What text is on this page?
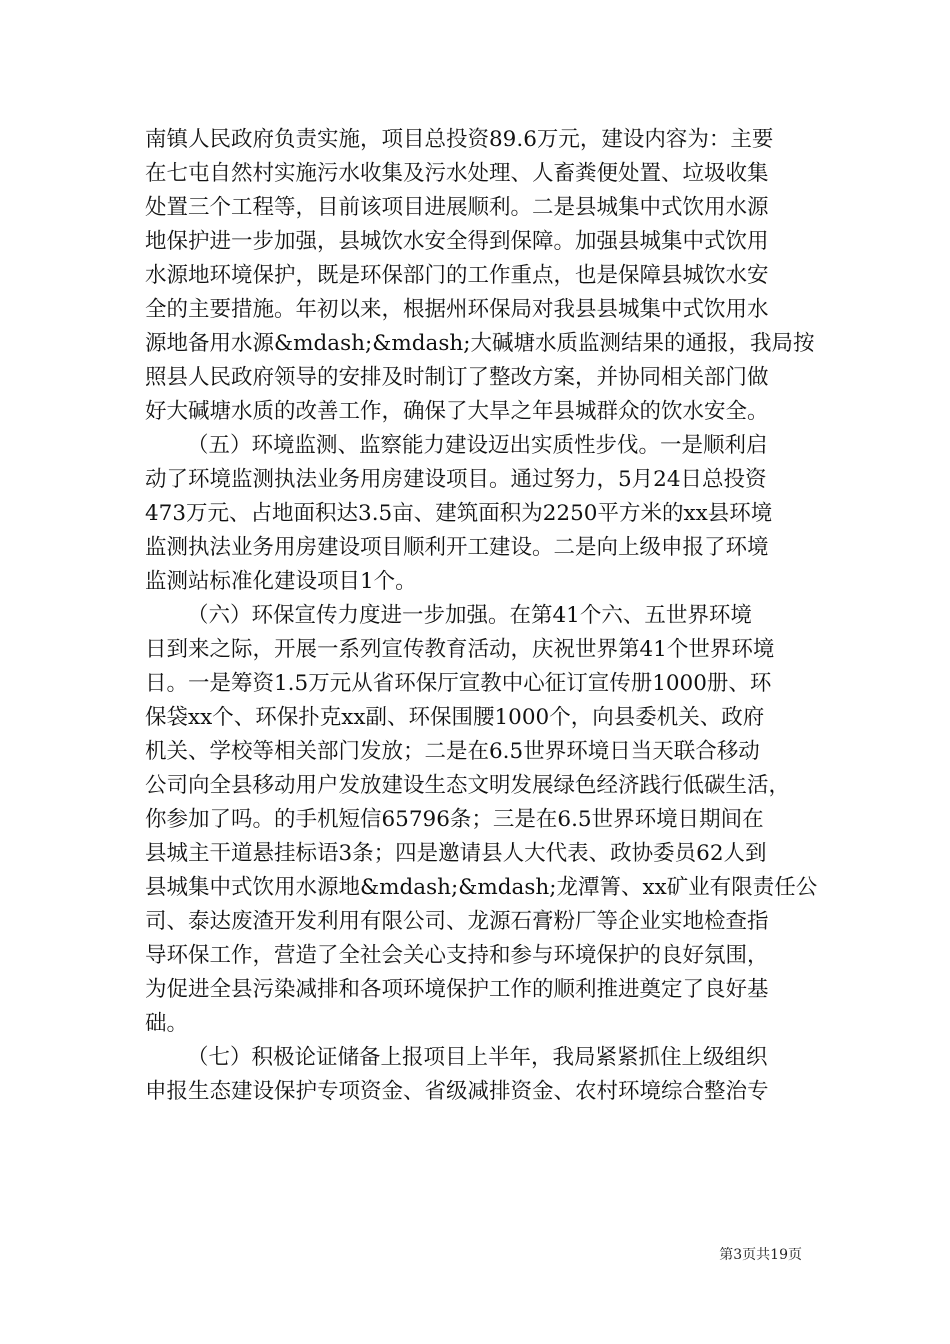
南镇人民政府负责实施，项目总投资89.6万元，建设内容为：主要
在七屯自然村实施污水收集及污水处理、人畜粪便处置、垃圾收集
处置三个工程等，目前该项目进展顺利。二是县城集中式饮用水源
地保护进一步加强，县城饮水安全得到保障。加强县城集中式饮用
水源地环境保护，既是环保部门的工作重点，也是保障县城饮水安
全的主要措施。年初以来，根据州环保局对我县县城集中式饮用水
源地备用水源&mdash;&mdash;大碱塘水质监测结果的通报，我局按
照县人民政府领导的安排及时制订了整改方案，并协同相关部门做
好大碱塘水质的改善工作，确保了大旱之年县城群众的饮水安全。
（五）环境监测、监察能力建设迈出实质性步伐。一是顺利启
动了环境监测执法业务用房建设项目。通过努力，5月24日总投资
473万元、占地面积达3.5亩、建筑面积为2250平方米的xx县环境
监测执法业务用房建设项目顺利开工建设。二是向上级申报了环境
监测站标准化建设项目1个。
（六）环保宣传力度进一步加强。在第41个六、五世界环境
日到来之际，开展一系列宣传教育活动，庆祝世界第41个世界环境
日。一是筹资1.5万元从省环保厅宣教中心征订宣传册1000册、环
保袋xx个、环保扑克xx副、环保围腰1000个，向县委机关、政府
机关、学校等相关部门发放；二是在6.5世界环境日当天联合移动
公司向全县移动用户发放建设生态文明发展绿色经济践行低碳生活，
你参加了吗。的手机短信65796条；三是在6.5世界环境日期间在
县城主干道悬挂标语3条；四是邀请县人大代表、政协委员62人到
县城集中式饮用水源地&mdash;&mdash;龙潭箐、xx矿业有限责任公
司、泰达废渣开发利用有限公司、龙源石膏粉厂等企业实地检查指
导环保工作，营造了全社会关心支持和参与环境保护的良好氛围，
为促进全县污染减排和各项环境保护工作的顺利推进奠定了良好基
础。
（七）积极论证储备上报项目上半年，我局紧紧抓住上级组织
申报生态建设保护专项资金、省级减排资金、农村环境综合整治专
第3页共19页
